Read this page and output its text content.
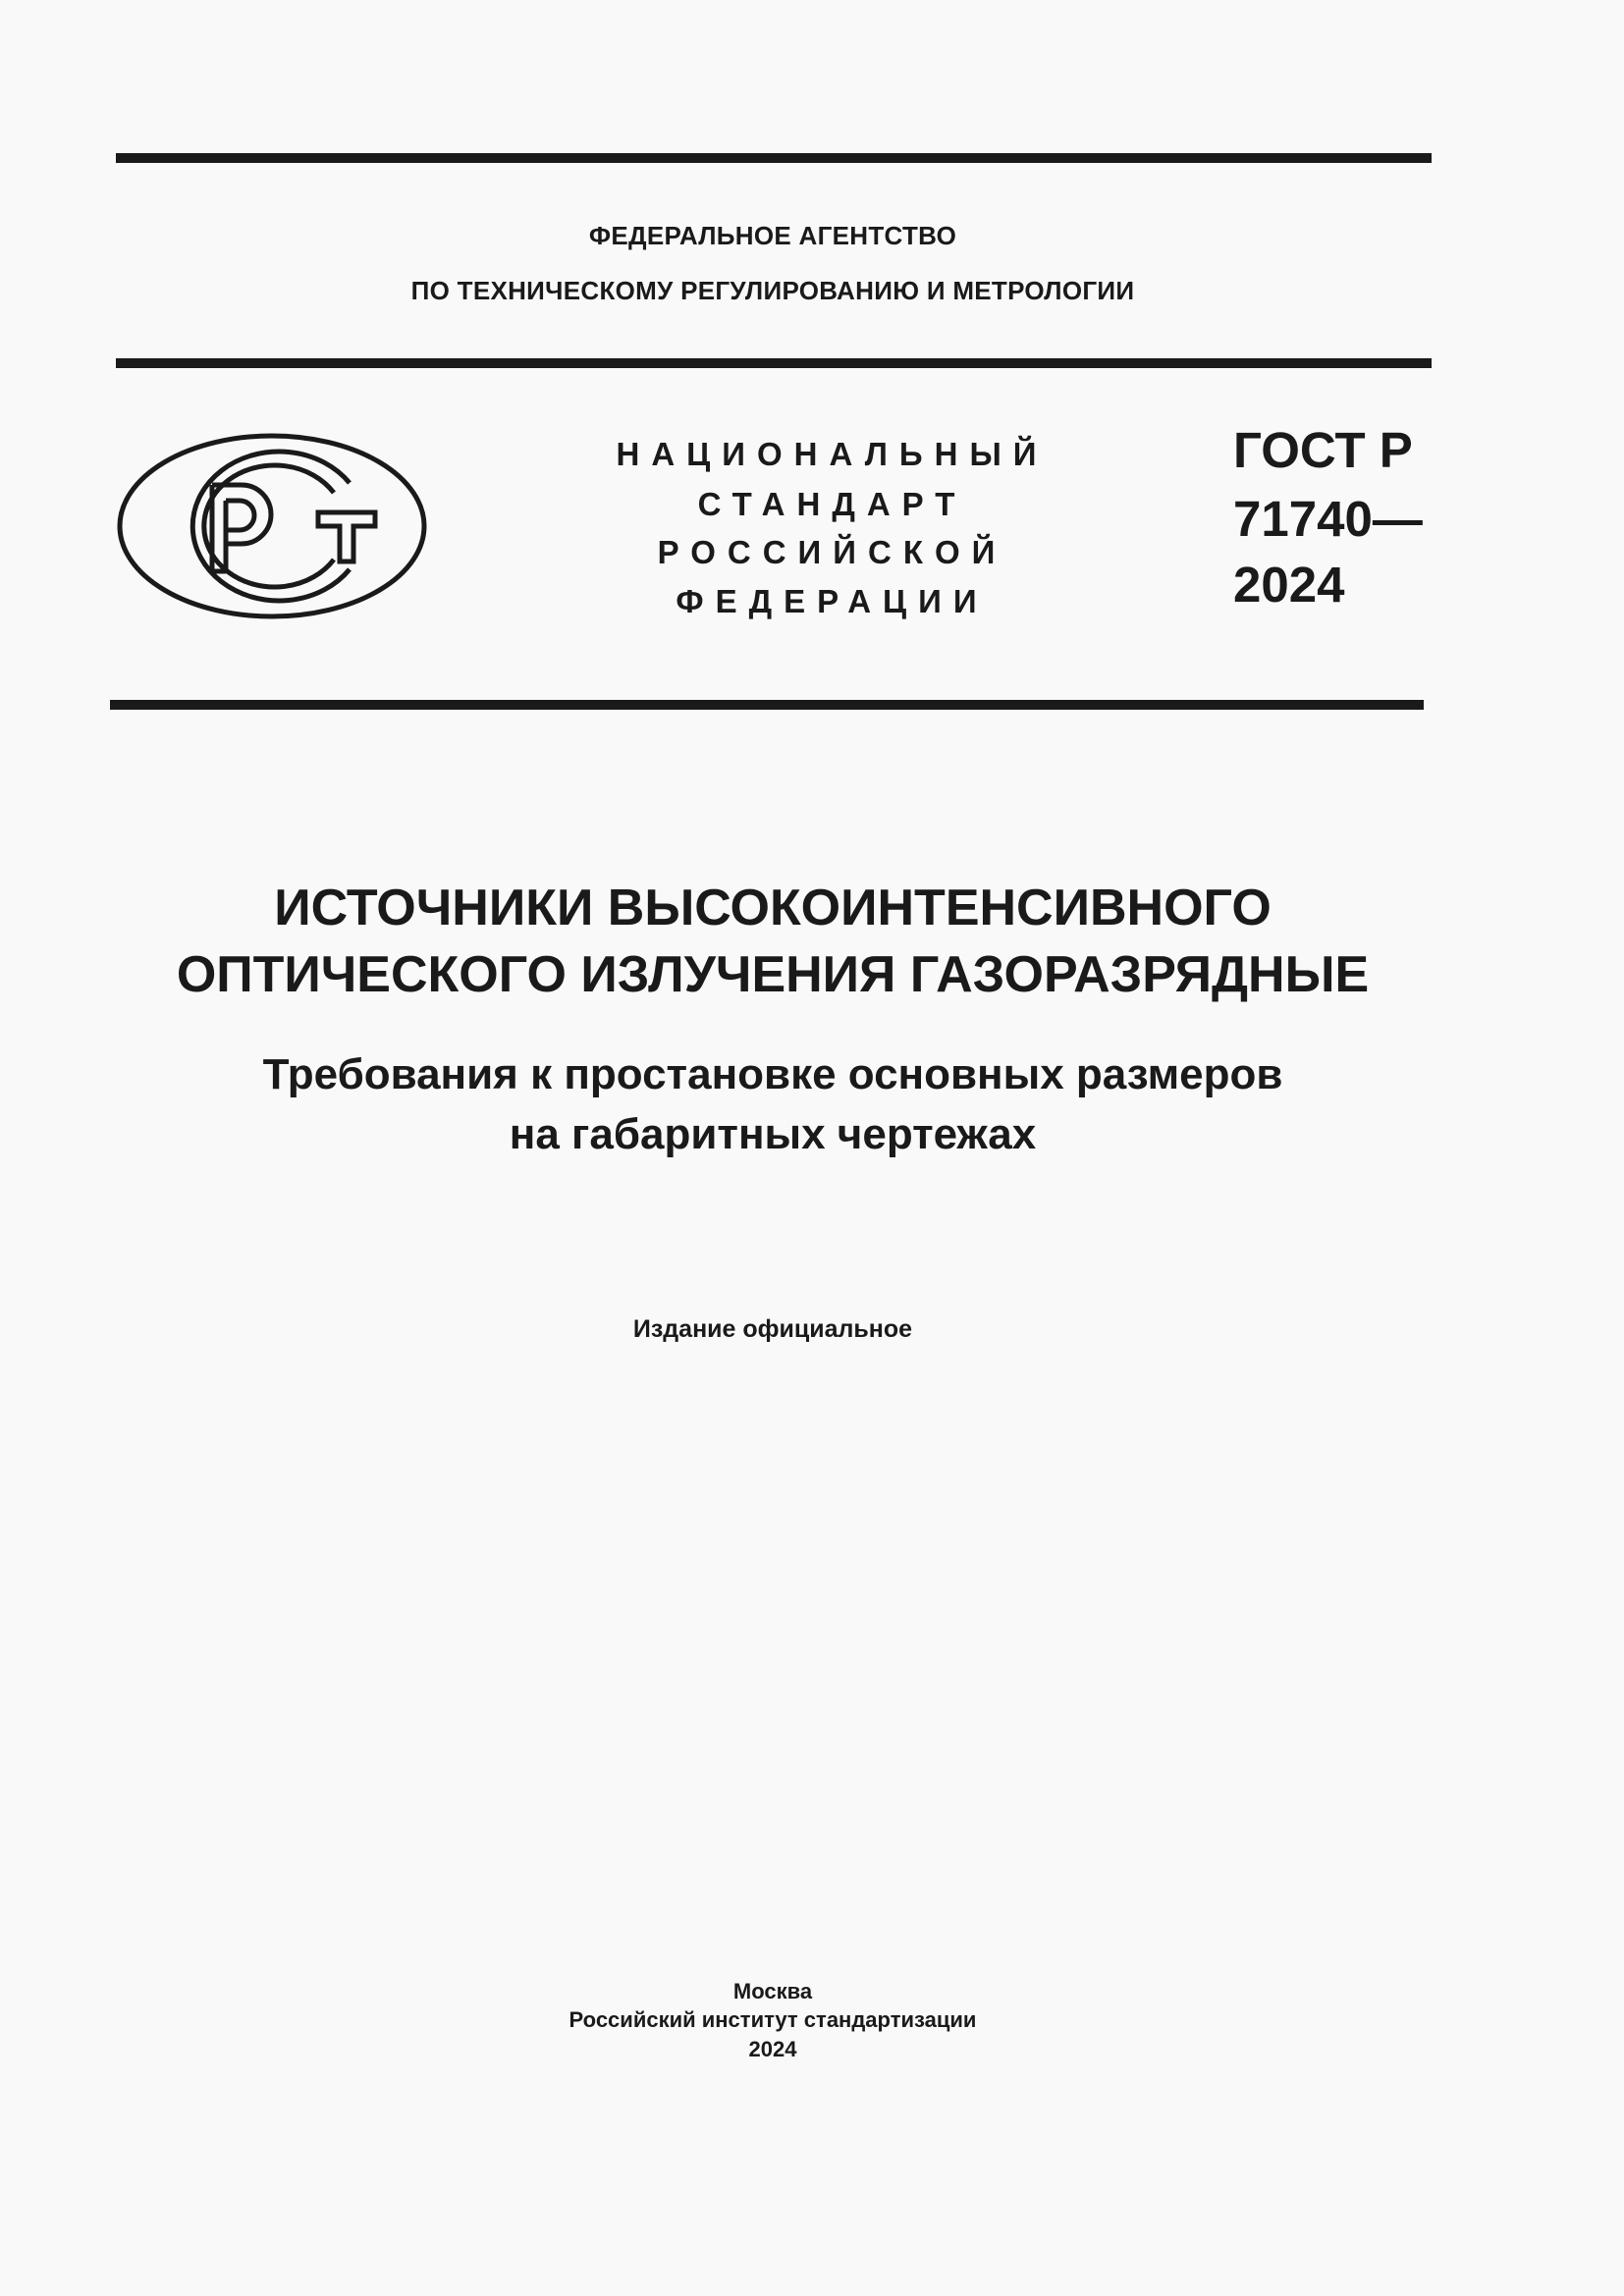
ФЕДЕРАЛЬНОЕ АГЕНТСТВО
ПО ТЕХНИЧЕСКОМУ РЕГУЛИРОВАНИЮ И МЕТРОЛОГИИ
НАЦИОНАЛЬНЫЙ
СТАНДАРТ
РОССИЙСКОЙ
ФЕДЕРАЦИИ
ГОСТ Р
71740—
2024
ИСТОЧНИКИ ВЫСОКОИНТЕНСИВНОГО
ОПТИЧЕСКОГО ИЗЛУЧЕНИЯ ГАЗОРАЗРЯДНЫЕ
Требования к простановке основных размеров
на габаритных чертежах
Издание официальное
Москва
Российский институт стандартизации
2024
